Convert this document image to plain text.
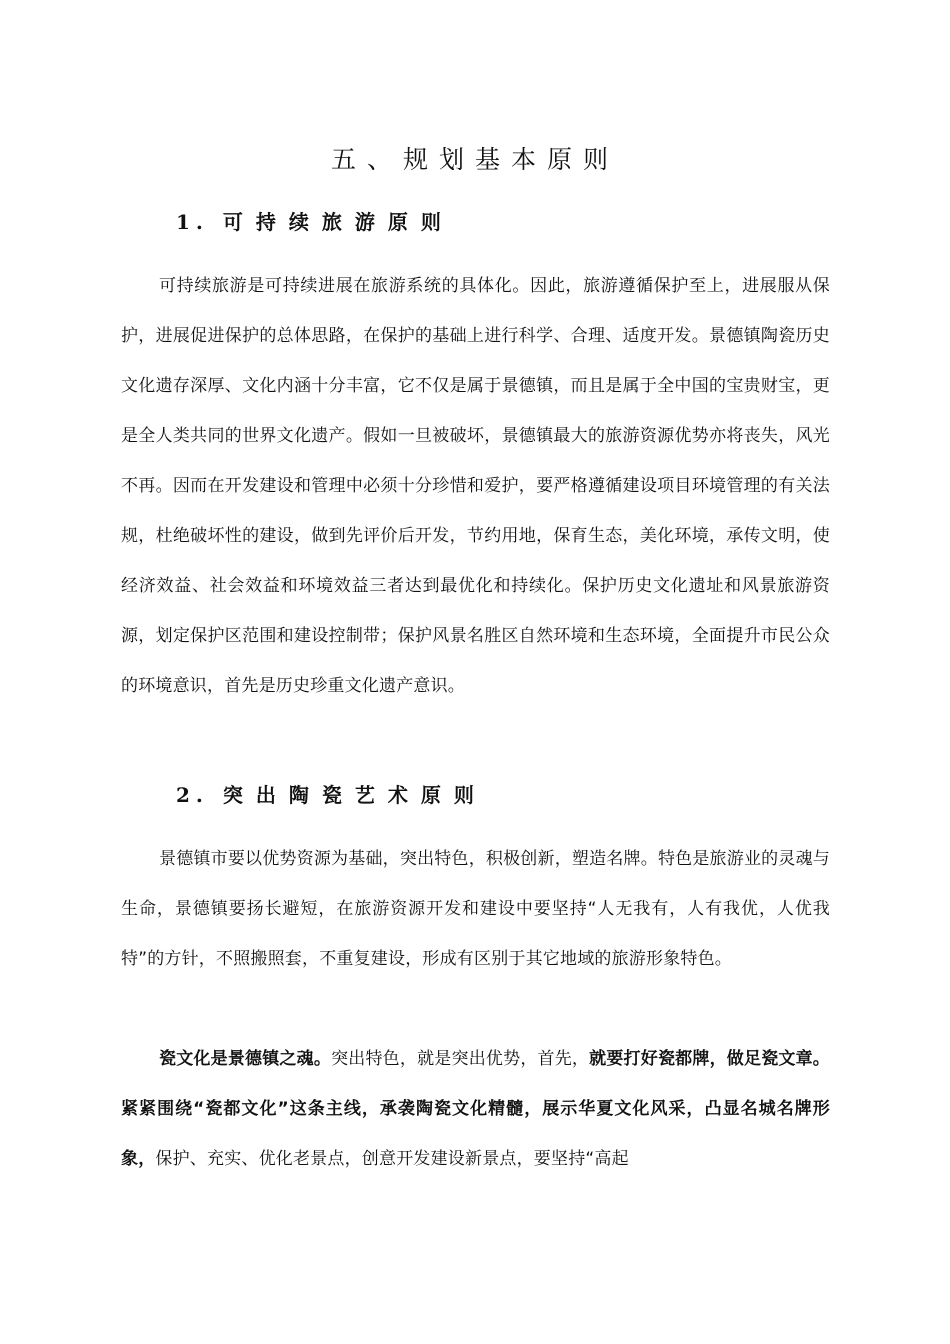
五、规划基本原则
1. 可持续旅游原则

可持续旅游是可持续进展在旅游系统的具体化。因此，旅游遵循保护至上，进展服从保护，进展促进保护的总体思路，在保护的基础上进行科学、合理、适度开发。景德镇陶瓷历史文化遗存深厚、文化内涵十分丰富，它不仅是属于景德镇，而且是属于全中国的宝贵财宝，更是全人类共同的世界文化遗产。假如一旦被破坏，景德镇最大的旅游资源优势亦将丧失，风光不再。因而在开发建设和管理中必须十分珍惜和爱护，要严格遵循建设项目环境管理的有关法规，杜绝破坏性的建设，做到先评价后开发，节约用地，保育生态，美化环境，承传文明，使经济效益、社会效益和环境效益三者达到最优化和持续化。保护历史文化遗址和风景旅游资源，划定保护区范围和建设控制带；保护风景名胜区自然环境和生态环境，全面提升市民公众的环境意识，首先是历史珍重文化遗产意识。

2. 突出陶瓷艺术原则

景德镇市要以优势资源为基础，突出特色，积极创新，塑造名牌。特色是旅游业的灵魂与生命，景德镇要扬长避短，在旅游资源开发和建设中要坚持“人无我有，人有我优，人优我特”的方针，不照搬照套，不重复建设，形成有区别于其它地域的旅游形象特色。

瓷文化是景德镇之魂。突出特色，就是突出优势，首先，就要打好瓷都牌，做足瓷文章。紧紧围绕“瓷都文化”这条主线，承袭陶瓷文化精髓，展示华夏文化风采，凸显名城名牌形象，保护、充实、优化老景点，创意开发建设新景点，要坚持“高起
